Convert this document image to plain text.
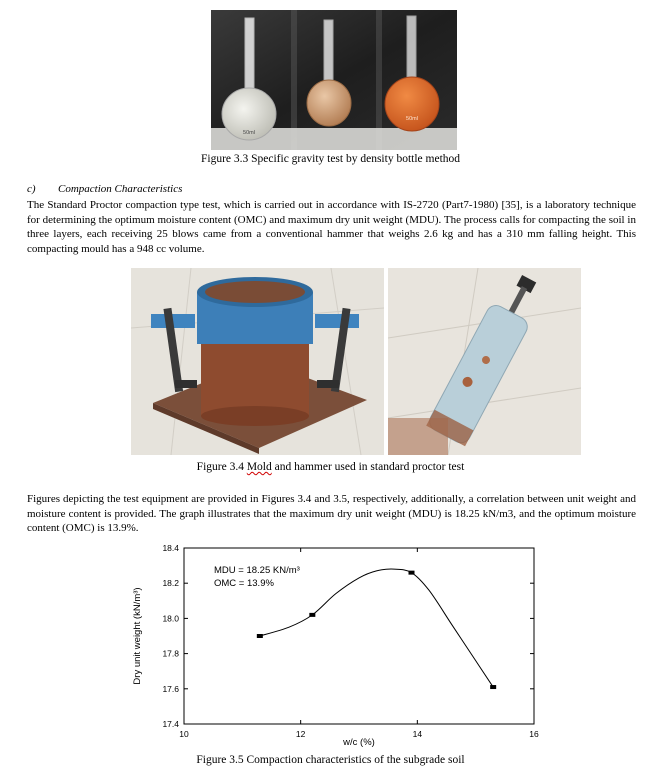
50ml
50ml
Figure 3.3 Specific gravity test by density bottle method
c) Compaction Characteristics
The Standard Proctor compaction type test, which is carried out in accordance with IS-2720 (Part7-1980) [35], is a laboratory technique for determining the optimum moisture content (OMC) and maximum dry unit weight (MDU). The process calls for compacting the soil in three layers, each receiving 25 blows came from a conventional hammer that weighs 2.6 kg and has a 310 mm falling height. This compacting mould has a 948 cc volume.
Figure 3.4 Mold and hammer used in standard proctor test
Figures depicting the test equipment are provided in Figures 3.4 and 3.5, respectively, additionally, a correlation between unit weight and moisture content is provided. The graph illustrates that the maximum dry unit weight (MDU) is 18.25 kN/m3, and the optimum moisture content (OMC) is 13.9%.
17.4
17.6
17.8
18.0
18.2
18.4
10	12	14	16
MDU = 18.25 KN/m³
OMC = 13.9%
w/c (%)
Dry unit weight (kN/m³)
Figure 3.5 Compaction characteristics of the subgrade soil
